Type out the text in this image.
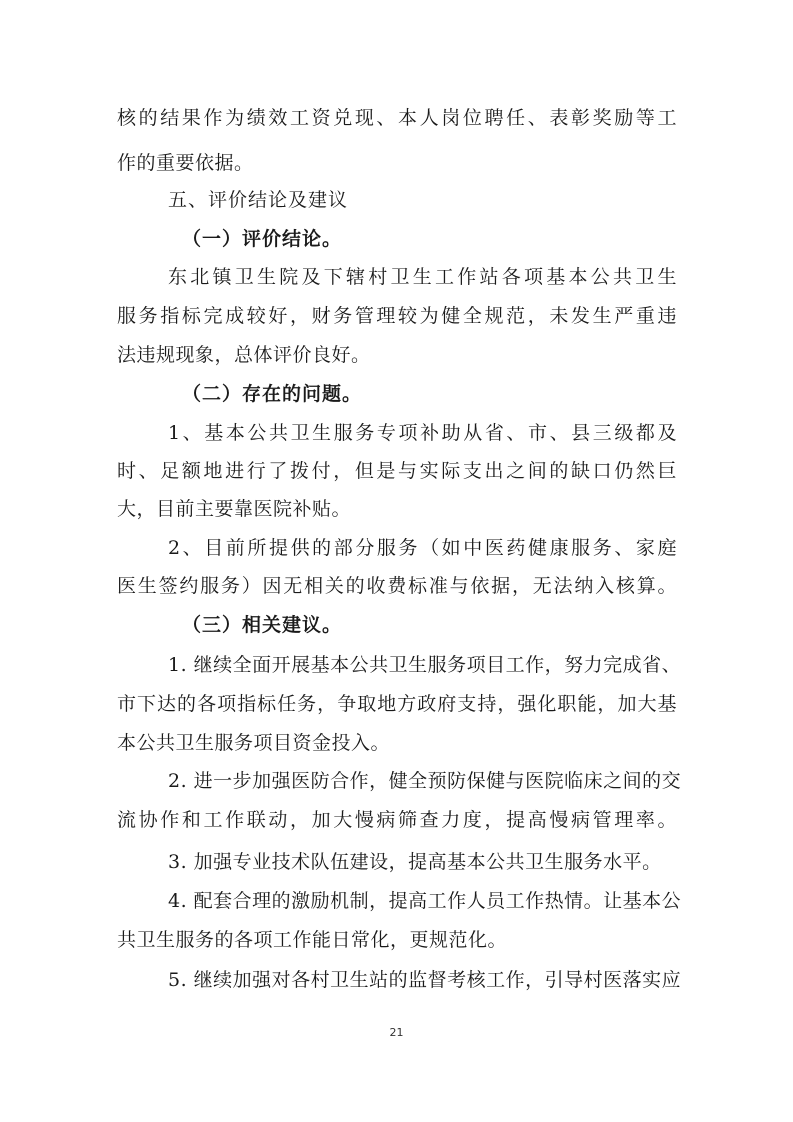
核的结果作为绩效工资兑现、本人岗位聘任、表彰奖励等工
作的重要依据。
五、评价结论及建议
（一）评价结论。
东北镇卫生院及下辖村卫生工作站各项基本公共卫生
服务指标完成较好，财务管理较为健全规范，未发生严重违
法违规现象，总体评价良好。
（二）存在的问题。
1、基本公共卫生服务专项补助从省、市、县三级都及
时、足额地进行了拨付，但是与实际支出之间的缺口仍然巨
大，目前主要靠医院补贴。
2、目前所提供的部分服务（如中医药健康服务、家庭
医生签约服务）因无相关的收费标准与依据，无法纳入核算。
（三）相关建议。
1. 继续全面开展基本公共卫生服务项目工作，努力完成省、
市下达的各项指标任务，争取地方政府支持，强化职能，加大基
本公共卫生服务项目资金投入。
2. 进一步加强医防合作，健全预防保健与医院临床之间的交
流协作和工作联动，加大慢病筛查力度，提高慢病管理率。
3. 加强专业技术队伍建设，提高基本公共卫生服务水平。
4. 配套合理的激励机制，提高工作人员工作热情。让基本公
共卫生服务的各项工作能日常化，更规范化。
5. 继续加强对各村卫生站的监督考核工作，引导村医落实应
21
